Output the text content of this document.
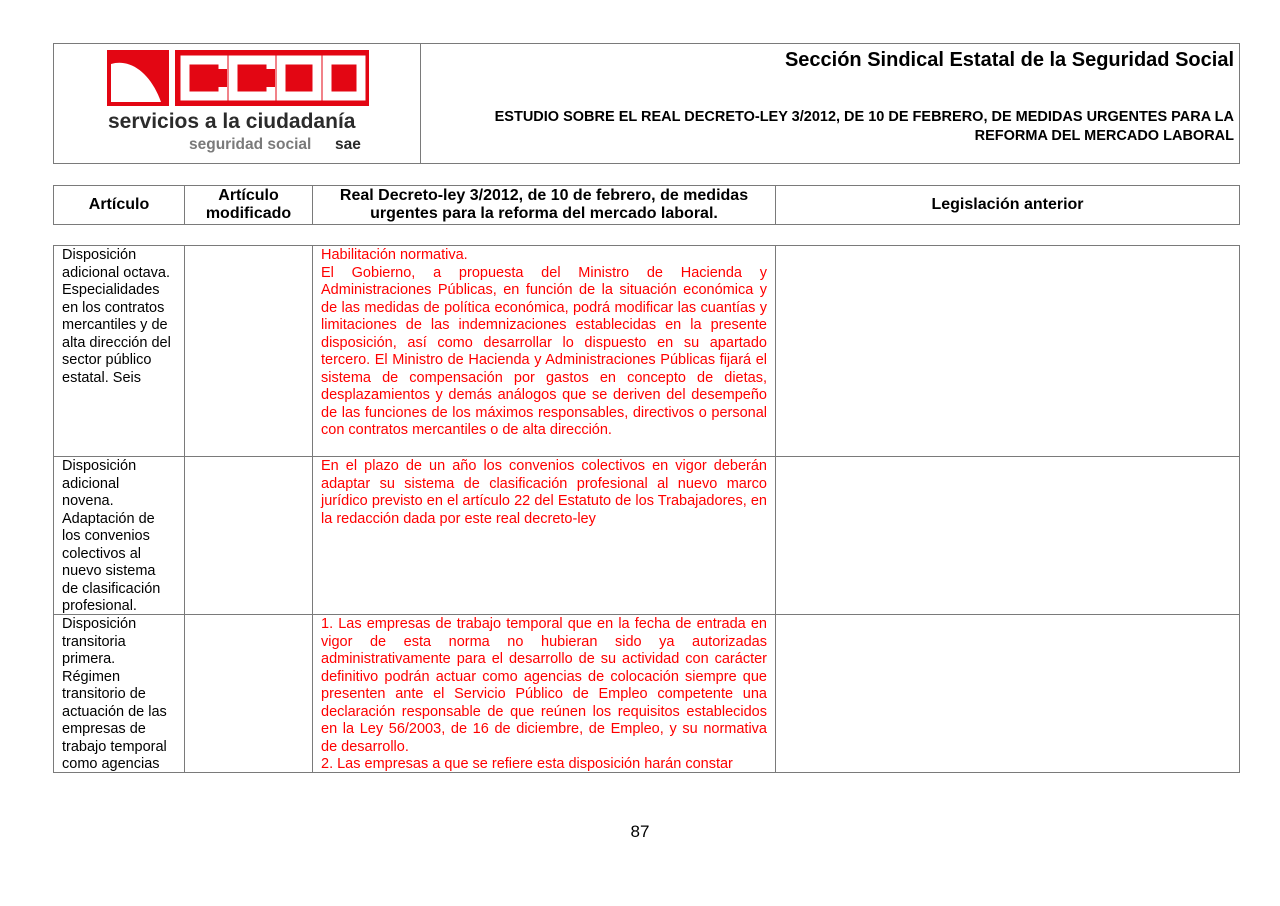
servicios a la ciudadanía
seguridad social sae
Sección Sindical Estatal de la Seguridad Social
ESTUDIO SOBRE EL REAL DECRETO-LEY 3/2012, DE 10 DE FEBRERO, DE MEDIDAS URGENTES PARA LA REFORMA DEL MERCADO LABORAL
Artículo
Artículo modificado
Real Decreto-ley 3/2012, de 10 de febrero, de medidas urgentes para la reforma del mercado laboral.
Legislación anterior
Disposición
adicional octava.
Especialidades
en los contratos
mercantiles y de
alta dirección del
sector público
estatal. Seis
Habilitación normativa.
El Gobierno, a propuesta del Ministro de Hacienda y Administraciones Públicas, en función de la situación económica y de las medidas de política económica, podrá modificar las cuantías y limitaciones de las indemnizaciones establecidas en la presente disposición, así como desarrollar lo dispuesto en su apartado tercero. El Ministro de Hacienda y Administraciones Públicas fijará el sistema de compensación por gastos en concepto de dietas, desplazamientos y demás análogos que se deriven del desempeño de las funciones de los máximos responsables, directivos o personal con contratos mercantiles o de alta dirección.
Disposición
adicional
novena.
Adaptación de
los convenios
colectivos al
nuevo sistema
de clasificación
profesional.
En el plazo de un año los convenios colectivos en vigor deberán adaptar su sistema de clasificación profesional al nuevo marco jurídico previsto en el artículo 22 del Estatuto de los Trabajadores, en la redacción dada por este real decreto-ley
Disposición
transitoria
primera.
Régimen
transitorio de
actuación de las
empresas de
trabajo temporal
como agencias
1. Las empresas de trabajo temporal que en la fecha de entrada en vigor de esta norma no hubieran sido ya autorizadas administrativamente para el desarrollo de su actividad con carácter definitivo podrán actuar como agencias de colocación siempre que presenten ante el Servicio Público de Empleo competente una declaración responsable de que reúnen los requisitos establecidos en la Ley 56/2003, de 16 de diciembre, de Empleo, y su normativa de desarrollo.
2. Las empresas a que se refiere esta disposición harán constar
87
